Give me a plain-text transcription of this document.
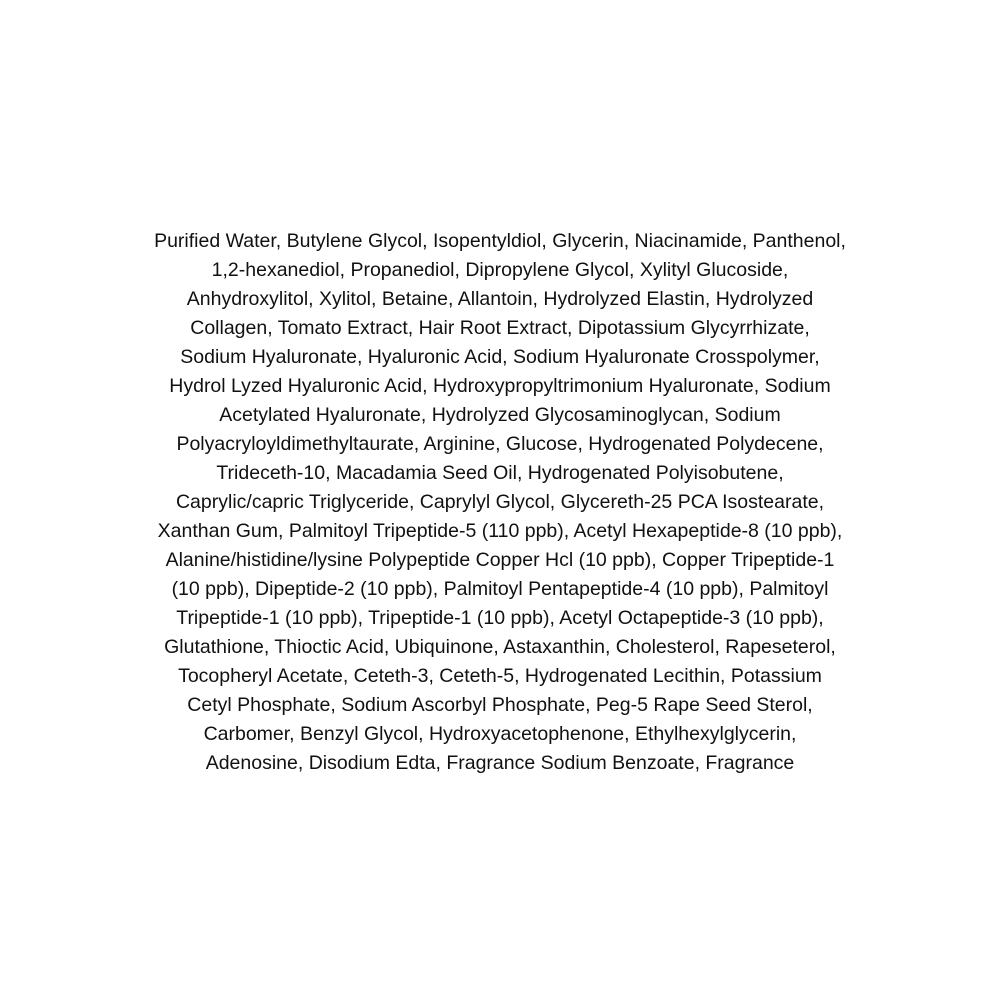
Purified Water, Butylene Glycol, Isopentyldiol, Glycerin, Niacinamide, Panthenol,
1,2-hexanediol, Propanediol, Dipropylene Glycol, Xylityl Glucoside,
Anhydroxylitol, Xylitol, Betaine, Allantoin, Hydrolyzed Elastin, Hydrolyzed
Collagen, Tomato Extract, Hair Root Extract, Dipotassium Glycyrrhizate,
Sodium Hyaluronate, Hyaluronic Acid, Sodium Hyaluronate Crosspolymer,
Hydrol Lyzed Hyaluronic Acid, Hydroxypropyltrimonium Hyaluronate, Sodium
Acetylated Hyaluronate, Hydrolyzed Glycosaminoglycan, Sodium
Polyacryloyldimethyltaurate, Arginine, Glucose, Hydrogenated Polydecene,
Trideceth-10, Macadamia Seed Oil, Hydrogenated Polyisobutene,
Caprylic/capric Triglyceride, Caprylyl Glycol, Glycereth-25 PCA Isostearate,
Xanthan Gum, Palmitoyl Tripeptide-5 (110 ppb), Acetyl Hexapeptide-8 (10 ppb),
Alanine/histidine/lysine Polypeptide Copper Hcl (10 ppb), Copper Tripeptide-1
(10 ppb), Dipeptide-2 (10 ppb), Palmitoyl Pentapeptide-4 (10 ppb), Palmitoyl
Tripeptide-1 (10 ppb), Tripeptide-1 (10 ppb), Acetyl Octapeptide-3 (10 ppb),
Glutathione, Thioctic Acid, Ubiquinone, Astaxanthin, Cholesterol, Rapeseterol,
Tocopheryl Acetate, Ceteth-3, Ceteth-5, Hydrogenated Lecithin, Potassium
Cetyl Phosphate, Sodium Ascorbyl Phosphate, Peg-5 Rape Seed Sterol,
Carbomer, Benzyl Glycol, Hydroxyacetophenone, Ethylhexylglycerin,
Adenosine, Disodium Edta, Fragrance Sodium Benzoate, Fragrance
